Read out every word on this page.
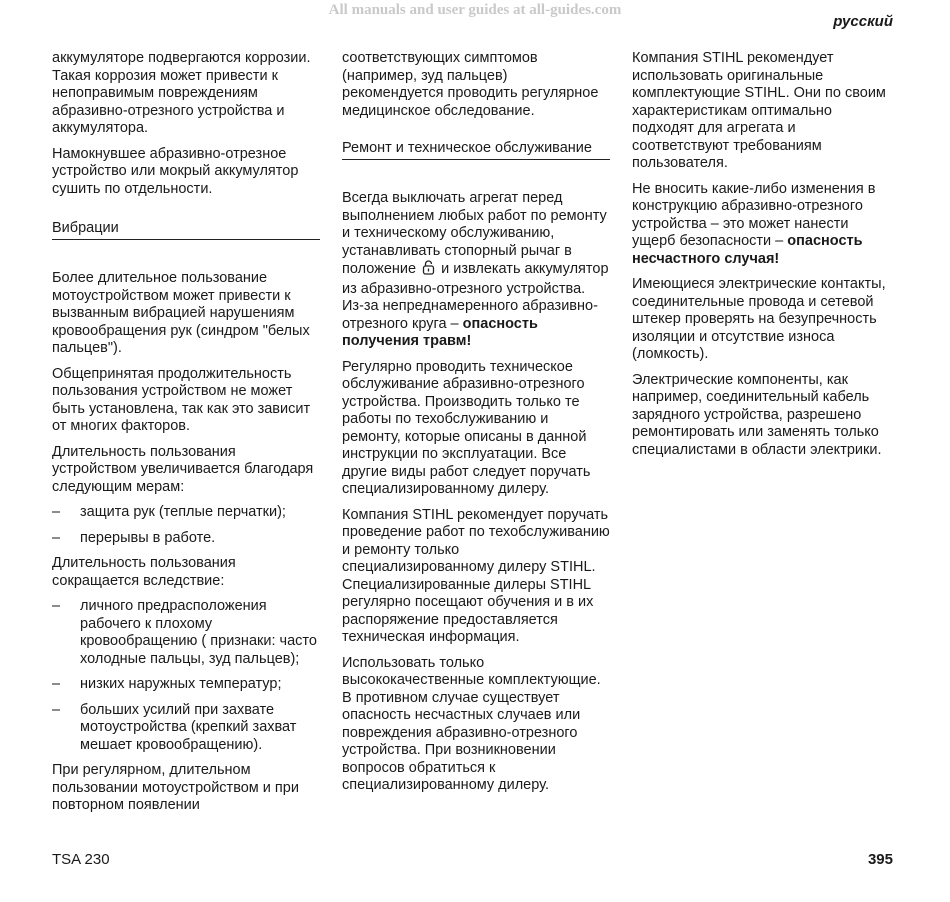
All manuals and user guides at all-guides.com
русский

аккумуляторе подвергаются коррозии. Такая коррозия может привести к непоправимым повреждениям абразивно-отрезного устройства и аккумулятора.

Намокнувшее абразивно-отрезное устройство или мокрый аккумулятор сушить по отдельности.

Вибрации

Более длительное пользование мотоустройством может привести к вызванным вибрацией нарушениям кровообращения рук (синдром "белых пальцев").

Общепринятая продолжительность пользования устройством не может быть установлена, так как это зависит от многих факторов.

Длительность пользования устройством увеличивается благодаря следующим мерам:

– защита рук (теплые перчатки);
– перерывы в работе.

Длительность пользования сокращается вследствие:

– личного предрасположения рабочего к плохому кровообращению ( признаки: часто холодные пальцы, зуд пальцев);
– низких наружных температур;
– больших усилий при захвате мотоустройства (крепкий захват мешает кровообращению).

При регулярном, длительном пользовании мотоустройством и при повторном появлении

соответствующих симптомов (например, зуд пальцев) рекомендуется проводить регулярное медицинское обследование.

Ремонт и техническое обслуживание

Всегда выключать агрегат перед выполнением любых работ по ремонту и техническому обслуживанию, устанавливать стопорный рычаг в положение и извлекать аккумулятор из абразивно-отрезного устройства. Из-за непреднамеренного абразивно-отрезного круга – опасность получения травм!

Регулярно проводить техническое обслуживание абразивно-отрезного устройства. Производить только те работы по техобслуживанию и ремонту, которые описаны в данной инструкции по эксплуатации. Все другие виды работ следует поручать специализированному дилеру.

Компания STIHL рекомендует поручать проведение работ по техобслуживанию и ремонту только специализированному дилеру STIHL. Специализированные дилеры STIHL регулярно посещают обучения и в их распоряжение предоставляется техническая информация.

Использовать только высококачественные комплектующие. В противном случае существует опасность несчастных случаев или повреждения абразивно-отрезного устройства. При возникновении вопросов обратиться к специализированному дилеру.

Компания STIHL рекомендует использовать оригинальные комплектующие STIHL. Они по своим характеристикам оптимально подходят для агрегата и соответствуют требованиям пользователя.

Не вносить какие-либо изменения в конструкцию абразивно-отрезного устройства – это может нанести ущерб безопасности – опасность несчастного случая!

Имеющиеся электрические контакты, соединительные провода и сетевой штекер проверять на безупречность изоляции и отсутствие износа (ломкость).

Электрические компоненты, как например, соединительный кабель зарядного устройства, разрешено ремонтировать или заменять только специалистами в области электрики.

TSA 230	395
